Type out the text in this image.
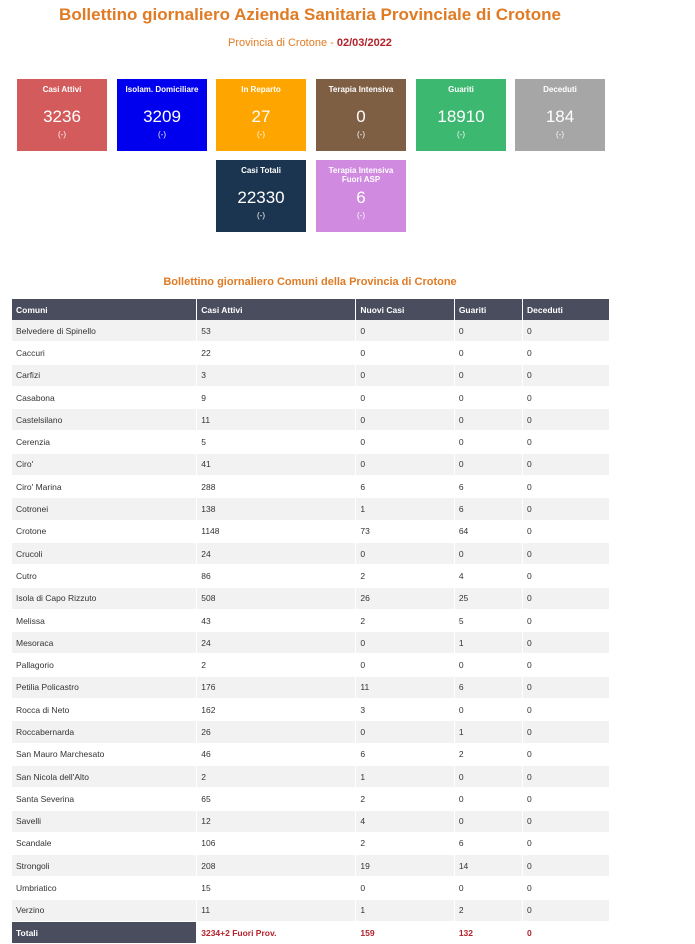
Bollettino giornaliero Azienda Sanitaria Provinciale di Crotone
Provincia di Crotone - 02/03/2022
Casi Attivi
3236
(-)
Isolam. Domiciliare
3209
(-)
In Reparto
27
(-)
Terapia Intensiva
0
(-)
Guariti
18910
(-)
Deceduti
184
(-)
Casi Totali
22330
(-)
Terapia Intensiva Fuori ASP
6
(-)
Bollettino giornaliero Comuni della Provincia di Crotone
Comuni	Casi Attivi	Nuovi Casi	Guariti	Deceduti
Belvedere di Spinello	53	0	0	0
Caccuri	22	0	0	0
Carfizi	3	0	0	0
Casabona	9	0	0	0
Castelsilano	11	0	0	0
Cerenzia	5	0	0	0
Ciro'	41	0	0	0
Ciro' Marina	288	6	6	0
Cotronei	138	1	6	0
Crotone	1148	73	64	0
Crucoli	24	0	0	0
Cutro	86	2	4	0
Isola di Capo Rizzuto	508	26	25	0
Melissa	43	2	5	0
Mesoraca	24	0	1	0
Pallagorio	2	0	0	0
Petilia Policastro	176	11	6	0
Rocca di Neto	162	3	0	0
Roccabernarda	26	0	1	0
San Mauro Marchesato	46	6	2	0
San Nicola dell'Alto	2	1	0	0
Santa Severina	65	2	0	0
Savelli	12	4	0	0
Scandale	106	2	6	0
Strongoli	208	19	14	0
Umbriatico	15	0	0	0
Verzino	11	1	2	0
Totali	3234+2 Fuori Prov.	159	132	0
